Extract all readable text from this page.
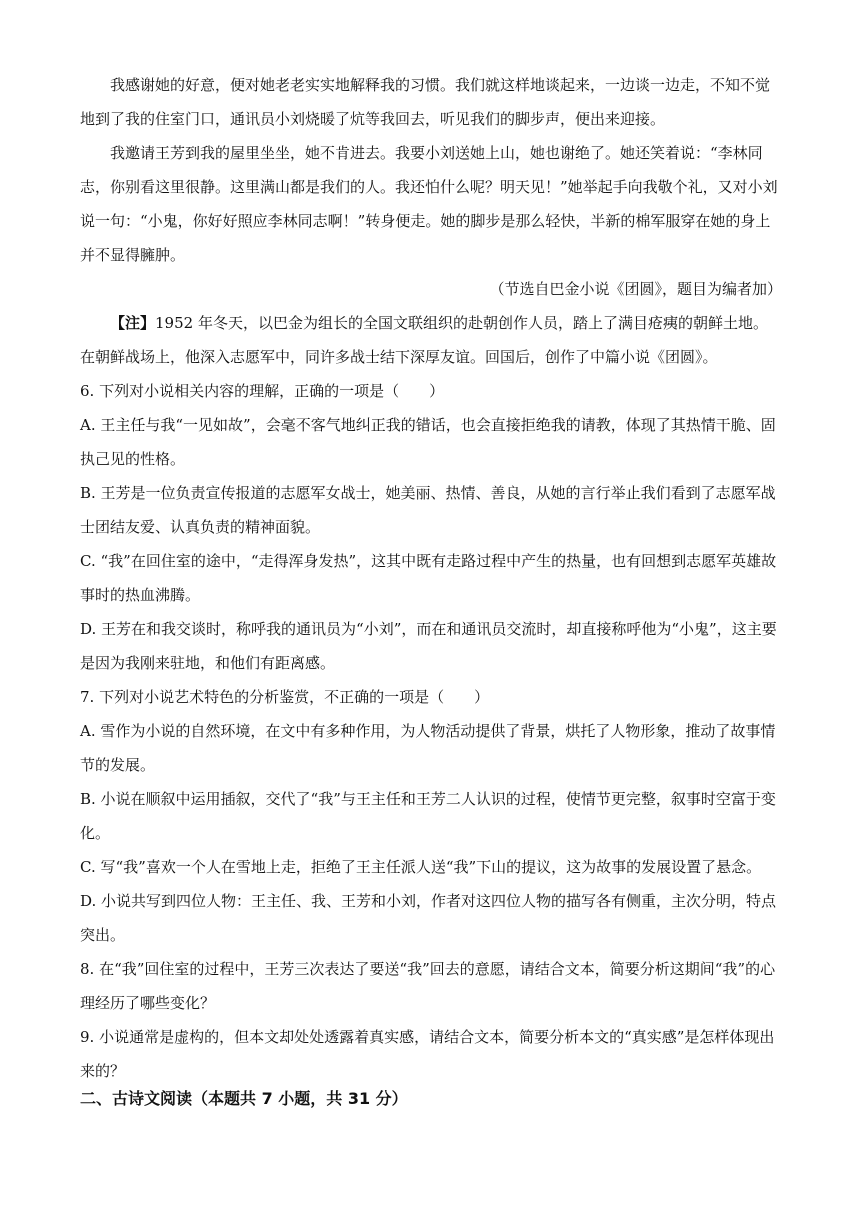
我感谢她的好意，便对她老老实实地解释我的习惯。我们就这样地谈起来，一边谈一边走，不知不觉地到了我的住室门口，通讯员小刘烧暖了炕等我回去，听见我们的脚步声，便出来迎接。

我邀请王芳到我的屋里坐坐，她不肯进去。我要小刘送她上山，她也谢绝了。她还笑着说：“李林同志，你别看这里很静。这里满山都是我们的人。我还怕什么呢？明天见！”她举起手向我敬个礼，又对小刘说一句：“小鬼，你好好照应李林同志啊！”转身便走。她的脚步是那么轻快，半新的棉军服穿在她的身上并不显得臃肿。

（节选自巴金小说《团圆》，题目为编者加）

【注】1952 年冬天，以巴金为组长的全国文联组织的赴朝创作人员，踏上了满目疮痍的朝鲜土地。在朝鲜战场上，他深入志愿军中，同许多战士结下深厚友谊。回国后，创作了中篇小说《团圆》。

6. 下列对小说相关内容的理解，正确的一项是（　　）

A. 王主任与我“一见如故”，会毫不客气地纠正我的错话，也会直接拒绝我的请教，体现了其热情干脆、固执己见的性格。

B. 王芳是一位负责宣传报道的志愿军女战士，她美丽、热情、善良，从她的言行举止我们看到了志愿军战士团结友爱、认真负责的精神面貌。

C. “我”在回住室的途中，“走得浑身发热”，这其中既有走路过程中产生的热量，也有回想到志愿军英雄故事时的热血沸腾。

D. 王芳在和我交谈时，称呼我的通讯员为“小刘”，而在和通讯员交流时，却直接称呼他为“小鬼”，这主要是因为我刚来驻地，和他们有距离感。

7. 下列对小说艺术特色的分析鉴赏，不正确的一项是（　　）

A. 雪作为小说的自然环境，在文中有多种作用，为人物活动提供了背景，烘托了人物形象，推动了故事情节的发展。

B. 小说在顺叙中运用插叙，交代了“我”与王主任和王芳二人认识的过程，使情节更完整，叙事时空富于变化。

C. 写“我”喜欢一个人在雪地上走，拒绝了王主任派人送“我”下山的提议，这为故事的发展设置了悬念。

D. 小说共写到四位人物：王主任、我、王芳和小刘，作者对这四位人物的描写各有侧重，主次分明，特点突出。

8. 在“我”回住室的过程中，王芳三次表达了要送“我”回去的意愿，请结合文本，简要分析这期间“我”的心理经历了哪些变化？

9. 小说通常是虚构的，但本文却处处透露着真实感，请结合文本，简要分析本文的“真实感”是怎样体现出来的？

二、古诗文阅读（本题共 7 小题，共 31 分）
